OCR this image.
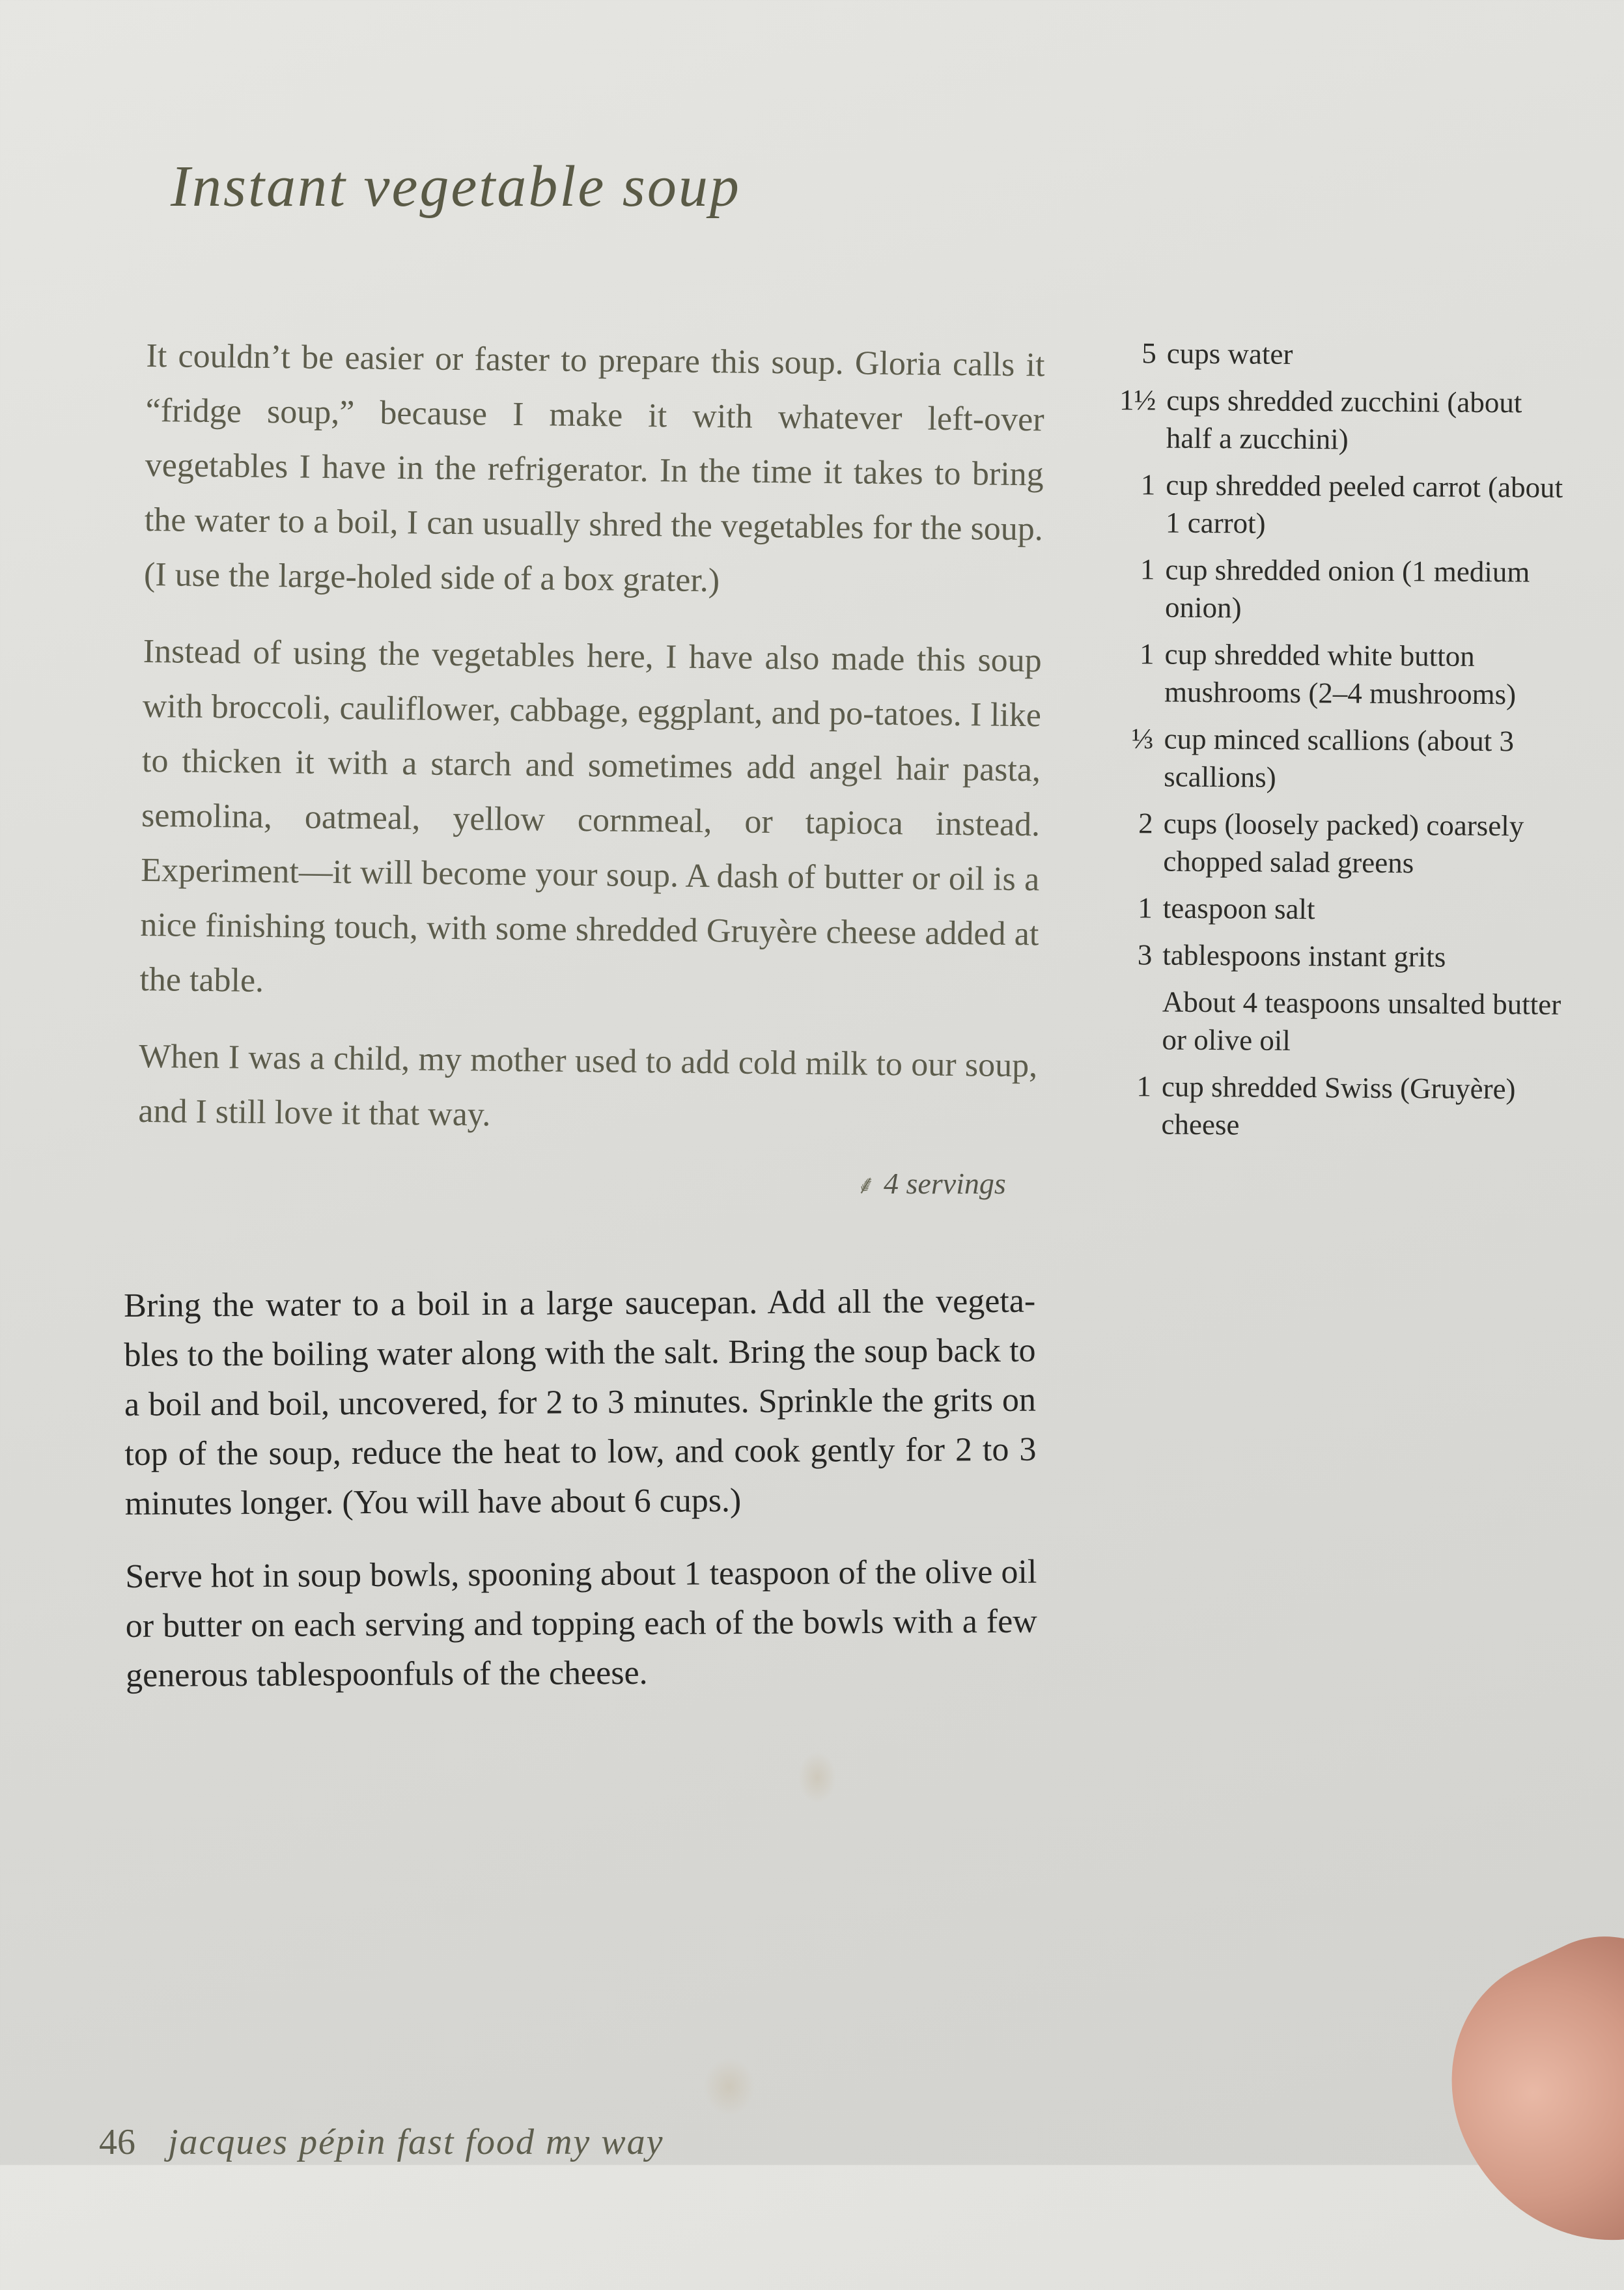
Instant vegetable soup

It couldn’t be easier or faster to prepare this soup. Gloria calls it “fridge soup,” because I make it with whatever left-over vegetables I have in the refrigerator. In the time it takes to bring the water to a boil, I can usually shred the vegetables for the soup. (I use the large-holed side of a box grater.)

Instead of using the vegetables here, I have also made this soup with broccoli, cauliflower, cabbage, eggplant, and po-tatoes. I like to thicken it with a starch and sometimes add angel hair pasta, semolina, oatmeal, yellow cornmeal, or tapioca instead. Experiment—it will become your soup. A dash of butter or oil is a nice finishing touch, with some shredded Gruyère cheese added at the table.

When I was a child, my mother used to add cold milk to our soup, and I still love it that way.

⸙ 4 servings
5 cups water
1½ cups shredded zucchini (about half a zucchini)
1 cup shredded peeled carrot (about 1 carrot)
1 cup shredded onion (1 medium onion)
1 cup shredded white button mushrooms (2–4 mushrooms)
⅓ cup minced scallions (about 3 scallions)
2 cups (loosely packed) coarsely chopped salad greens
1 teaspoon salt
3 tablespoons instant grits
About 4 teaspoons unsalted butter or olive oil
1 cup shredded Swiss (Gruyère) cheese

Bring the water to a boil in a large saucepan. Add all the vegeta-bles to the boiling water along with the salt. Bring the soup back to a boil and boil, uncovered, for 2 to 3 minutes. Sprinkle the grits on top of the soup, reduce the heat to low, and cook gently for 2 to 3 minutes longer. (You will have about 6 cups.)

Serve hot in soup bowls, spooning about 1 teaspoon of the olive oil or butter on each serving and topping each of the bowls with a few generous tablespoonfuls of the cheese.

46 jacques pépin fast food my way
